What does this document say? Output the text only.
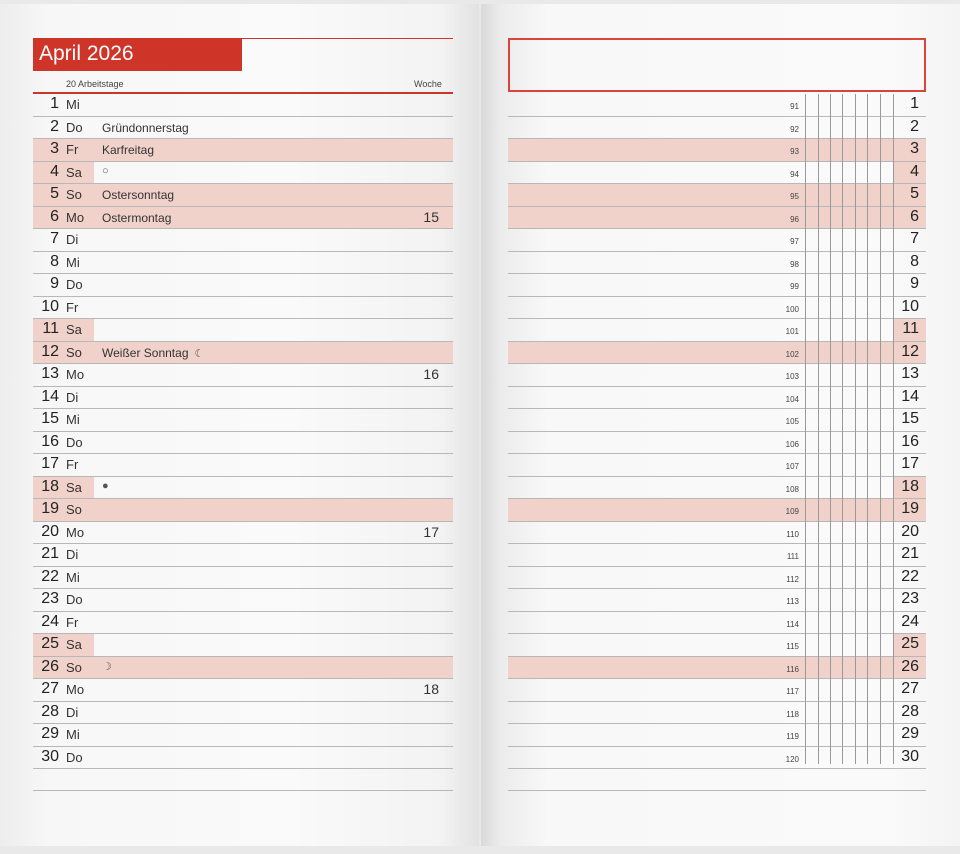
April 2026
20 Arbeitstage	Woche
1 Mi
2 Do Gründonnerstag
3 Fr Karfreitag
4 Sa ○
5 So Ostersonntag
6 Mo Ostermontag	15
7 Di
8 Mi
9 Do
10 Fr
11 Sa
12 So Weißer Sonntag ☾
13 Mo	16
14 Di
15 Mi
16 Do
17 Fr
18 Sa ●
19 So
20 Mo	17
21 Di
22 Mi
23 Do
24 Fr
25 Sa
26 So ☽
27 Mo	18
28 Di
29 Mi
30 Do
91	1
92	2
93	3
94	4
95	5
96	6
97	7
98	8
99	9
100	10
101	11
102	12
103	13
104	14
105	15
106	16
107	17
108	18
109	19
110	20
111	21
112	22
113	23
114	24
115	25
116	26
117	27
118	28
119	29
120	30
